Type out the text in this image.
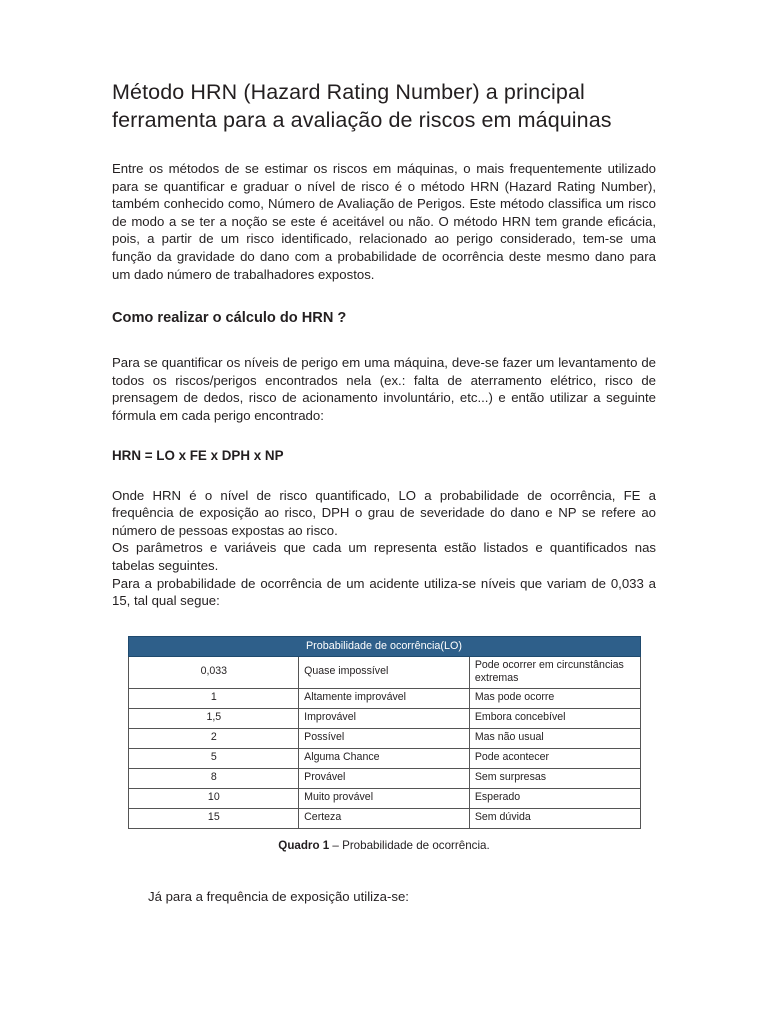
Método HRN (Hazard Rating Number) a principal ferramenta para a avaliação de riscos em máquinas

Entre os métodos de se estimar os riscos em máquinas, o mais frequentemente utilizado para se quantificar e graduar o nível de risco é o método HRN (Hazard Rating Number), também conhecido como, Número de Avaliação de Perigos. Este método classifica um risco de modo a se ter a noção se este é aceitável ou não. O método HRN tem grande eficácia, pois, a partir de um risco identificado, relacionado ao perigo considerado, tem-se uma função da gravidade do dano com a probabilidade de ocorrência deste mesmo dano para um dado número de trabalhadores expostos.

Como realizar o cálculo do HRN ?

Para se quantificar os níveis de perigo em uma máquina, deve-se fazer um levantamento de todos os riscos/perigos encontrados nela (ex.: falta de aterramento elétrico, risco de prensagem de dedos, risco de acionamento involuntário, etc...) e então utilizar a seguinte fórmula em cada perigo encontrado:

HRN = LO x FE x DPH x NP

Onde HRN é o nível de risco quantificado, LO a probabilidade de ocorrência, FE a frequência de exposição ao risco, DPH o grau de severidade do dano e NP se refere ao número de pessoas expostas ao risco.

Os parâmetros e variáveis que cada um representa estão listados e quantificados nas tabelas seguintes.

Para a probabilidade de ocorrência de um acidente utiliza-se níveis que variam de 0,033 a 15, tal qual segue:

Probabilidade de ocorrência(LO)		
0,033	Quase impossível	Pode ocorrer em circunstâncias extremas
1	Altamente improvável	Mas pode ocorre
1,5	Improvável	Embora concebível
2	Possível	Mas não usual
5	Alguma Chance	Pode acontecer
8	Provável	Sem surpresas
10	Muito provável	Esperado
15	Certeza	Sem dúvida
Quadro 1 – Probabilidade de ocorrência.

Já para a frequência de exposição utiliza-se:
